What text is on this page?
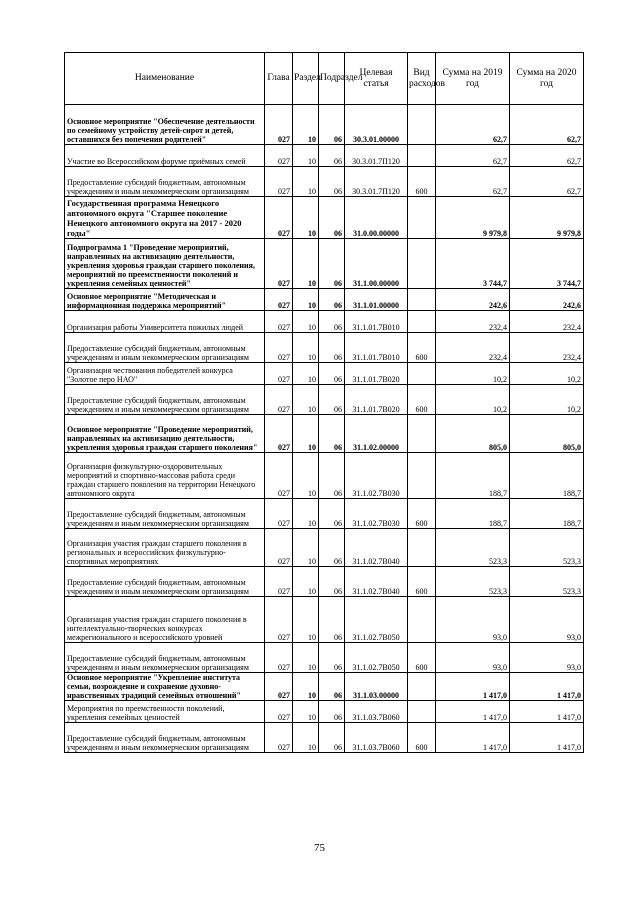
Наименование	Глава	Раздел	Подраздел	Целевая статья	Вид расходов	Сумма на 2019 год	Сумма на 2020 год
Основное мероприятие "Обеспечение деятельности по семейному устройству детей-сирот и детей, оставшихся без попечения родителей"	027	10	06	30.3.01.00000		62,7	62,7
Участие во Всероссийском форуме приёмных семей	027	10	06	30.3.01.7П120		62,7	62,7
Предоставление субсидий бюджетным, автономным учреждениям и иным некоммерческим организациям	027	10	06	30.3.01.7П120	600	62,7	62,7
Государственная программа Ненецкого автономного округа "Старшее поколение Ненецкого автономного округа на 2017 - 2020 годы"	027	10	06	31.0.00.00000		9 979,8	9 979,8
Подпрограмма 1 "Проведение мероприятий, направленных на активизацию деятельности, укрепления здоровья граждан старшего поколения, мероприятий по преемственности поколений и укрепления семейных ценностей"	027	10	06	31.1.00.00000		3 744,7	3 744,7
Основное мероприятие "Методическая и информационная поддержка мероприятий"	027	10	06	31.1.01.00000		242,6	242,6
Организация работы Университета пожилых людей	027	10	06	31.1.01.7В010		232,4	232,4
Предоставление субсидий бюджетным, автономным учреждениям и иным некоммерческим организациям	027	10	06	31.1.01.7В010	600	232,4	232,4
Организация чествования победителей конкурса "Золотое перо НАО"	027	10	06	31.1.01.7В020		10,2	10,2
Предоставление субсидий бюджетным, автономным учреждениям и иным некоммерческим организациям	027	10	06	31.1.01.7В020	600	10,2	10,2
Основное мероприятие "Проведение мероприятий, направленных на активизацию деятельности, укрепления здоровья граждан старшего поколения"	027	10	06	31.1.02.00000		805,0	805,0
Организация физкультурно-оздоровительных мероприятий и спортивно-массовая работа среди граждан старшего поколения на территории Ненецкого автономного округа	027	10	06	31.1.02.7В030		188,7	188,7
Предоставление субсидий бюджетным, автономным учреждениям и иным некоммерческим организациям	027	10	06	31.1.02.7В030	600	188,7	188,7
Организация участия граждан старшего поколения в региональных и всероссийских физкультурно-спортивных мероприятиях	027	10	06	31.1.02.7В040		523,3	523,3
Предоставление субсидий бюджетным, автономным учреждениям и иным некоммерческим организациям	027	10	06	31.1.02.7В040	600	523,3	523,3
Организация участия граждан старшего поколения в интеллектуально-творческих конкурсах межрегионального и всероссийского уровней	027	10	06	31.1.02.7В050		93,0	93,0
Предоставление субсидий бюджетным, автономным учреждениям и иным некоммерческим организациям	027	10	06	31.1.02.7В050	600	93,0	93,0
Основное мероприятие "Укрепление института семьи, возрождение и сохранение духовно-нравственных традиций семейных отношений"	027	10	06	31.1.03.00000		1 417,0	1 417,0
Мероприятия по преемственности поколений, укрепления семейных ценностей	027	10	06	31.1.03.7В060		1 417,0	1 417,0
Предоставление субсидий бюджетным, автономным учреждениям и иным некоммерческим организациям	027	10	06	31.1.03.7В060	600	1 417,0	1 417,0
75
